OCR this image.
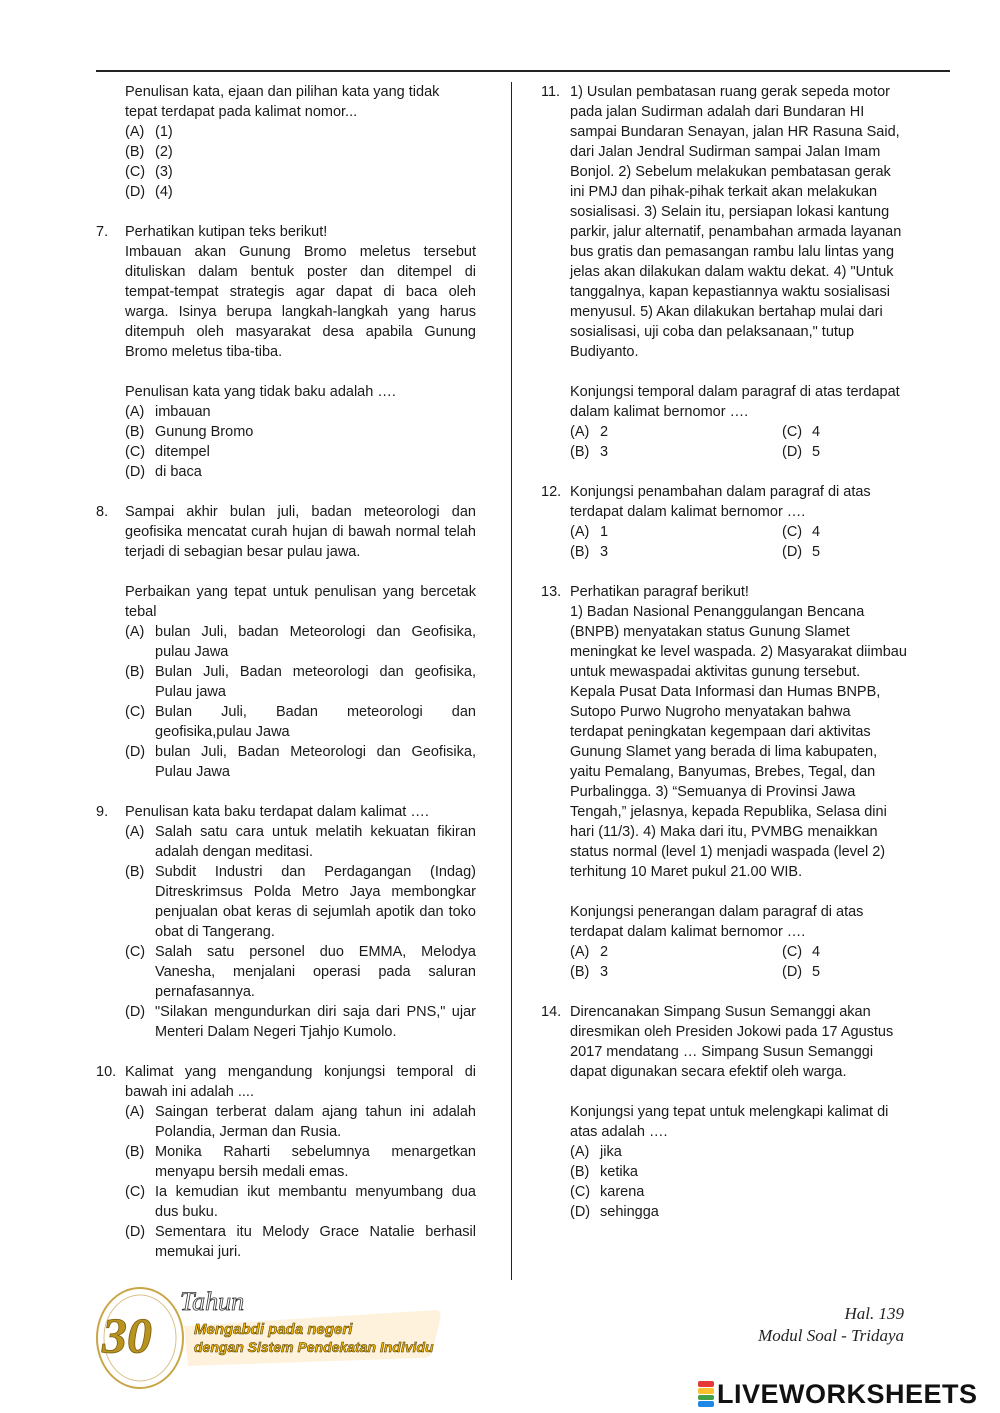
Penulisan kata, ejaan dan pilihan kata yang tidak
tepat terdapat pada kalimat nomor...
(A) (1)
(B) (2)
(C) (3)
(D) (4)
7. Perhatikan kutipan teks berikut!
Imbauan akan Gunung Bromo meletus tersebut dituliskan dalam bentuk poster dan ditempel di tempat-tempat strategis agar dapat di baca oleh warga. Isinya berupa langkah-langkah yang harus ditempuh oleh masyarakat desa apabila Gunung Bromo meletus tiba-tiba.
Penulisan kata yang tidak baku adalah ….
(A) imbauan
(B) Gunung Bromo
(C) ditempel
(D) di baca
8. Sampai akhir bulan juli, badan meteorologi dan geofisika mencatat curah hujan di bawah normal telah terjadi di sebagian besar pulau jawa.
Perbaikan yang tepat untuk penulisan yang bercetak tebal
(A) bulan Juli, badan Meteorologi dan Geofisika, pulau Jawa
(B) Bulan Juli, Badan meteorologi dan geofisika, Pulau jawa
(C) Bulan Juli, Badan meteorologi dan geofisika,pulau Jawa
(D) bulan Juli, Badan Meteorologi dan Geofisika, Pulau Jawa
9. Penulisan kata baku terdapat dalam kalimat ….
(A) Salah satu cara untuk melatih kekuatan fikiran adalah dengan meditasi.
(B) Subdit Industri dan Perdagangan (Indag) Ditreskrimsus Polda Metro Jaya membongkar penjualan obat keras di sejumlah apotik dan toko obat di Tangerang.
(C) Salah satu personel duo EMMA, Melodya Vanesha, menjalani operasi pada saluran pernafasannya.
(D) "Silakan mengundurkan diri saja dari PNS," ujar Menteri Dalam Negeri Tjahjo Kumolo.
10. Kalimat yang mengandung konjungsi temporal di bawah ini adalah ....
(A) Saingan terberat dalam ajang tahun ini adalah Polandia, Jerman dan Rusia.
(B) Monika Raharti sebelumnya menargetkan menyapu bersih medali emas.
(C) Ia kemudian ikut membantu menyumbang dua dus buku.
(D) Sementara itu Melody Grace Natalie berhasil memukai juri.
11. 1) Usulan pembatasan ruang gerak sepeda motor
pada jalan Sudirman adalah dari Bundaran HI
sampai Bundaran Senayan, jalan HR Rasuna Said,
dari Jalan Jendral Sudirman sampai Jalan Imam
Bonjol. 2) Sebelum melakukan pembatasan gerak
ini PMJ dan pihak-pihak terkait akan melakukan
sosialisasi. 3) Selain itu, persiapan lokasi kantung
parkir, jalur alternatif, penambahan armada layanan
bus gratis dan pemasangan rambu lalu lintas yang
jelas akan dilakukan dalam waktu dekat. 4) "Untuk
tanggalnya, kapan kepastiannya waktu sosialisasi
menyusul. 5) Akan dilakukan bertahap mulai dari
sosialisasi, uji coba dan pelaksanaan," tutup
Budiyanto.
Konjungsi temporal dalam paragraf di atas terdapat
dalam kalimat bernomor ….
(A) 2	(C) 4
(B) 3	(D) 5
12. Konjungsi penambahan dalam paragraf di atas
terdapat dalam kalimat bernomor ….
(A) 1	(C) 4
(B) 3	(D) 5
13. Perhatikan paragraf berikut!
1) Badan Nasional Penanggulangan Bencana
(BNPB) menyatakan status Gunung Slamet
meningkat ke level waspada. 2) Masyarakat diimbau
untuk mewaspadai aktivitas gunung tersebut.
Kepala Pusat Data Informasi dan Humas BNPB,
Sutopo Purwo Nugroho menyatakan bahwa
terdapat peningkatan kegempaan dari aktivitas
Gunung Slamet yang berada di lima kabupaten,
yaitu Pemalang, Banyumas, Brebes, Tegal, dan
Purbalingga. 3) “Semuanya di Provinsi Jawa
Tengah,” jelasnya, kepada Republika, Selasa dini
hari (11/3). 4) Maka dari itu, PVMBG menaikkan
status normal (level 1) menjadi waspada (level 2)
terhitung 10 Maret pukul 21.00 WIB.
Konjungsi penerangan dalam paragraf di atas
terdapat dalam kalimat bernomor ….
(A) 2	(C) 4
(B) 3	(D) 5
14. Direncanakan Simpang Susun Semanggi akan
diresmikan oleh Presiden Jokowi pada 17 Agustus
2017 mendatang … Simpang Susun Semanggi
dapat digunakan secara efektif oleh warga.
Konjungsi yang tepat untuk melengkapi kalimat di
atas adalah ….
(A) jika
(B) ketika
(C) karena
(D) sehingga
30
Tahun
Mengabdi pada negeri
dengan Sistem Pendekatan Individu
Hal. 139
Modul Soal - Tridaya
LIVEWORKSHEETS
